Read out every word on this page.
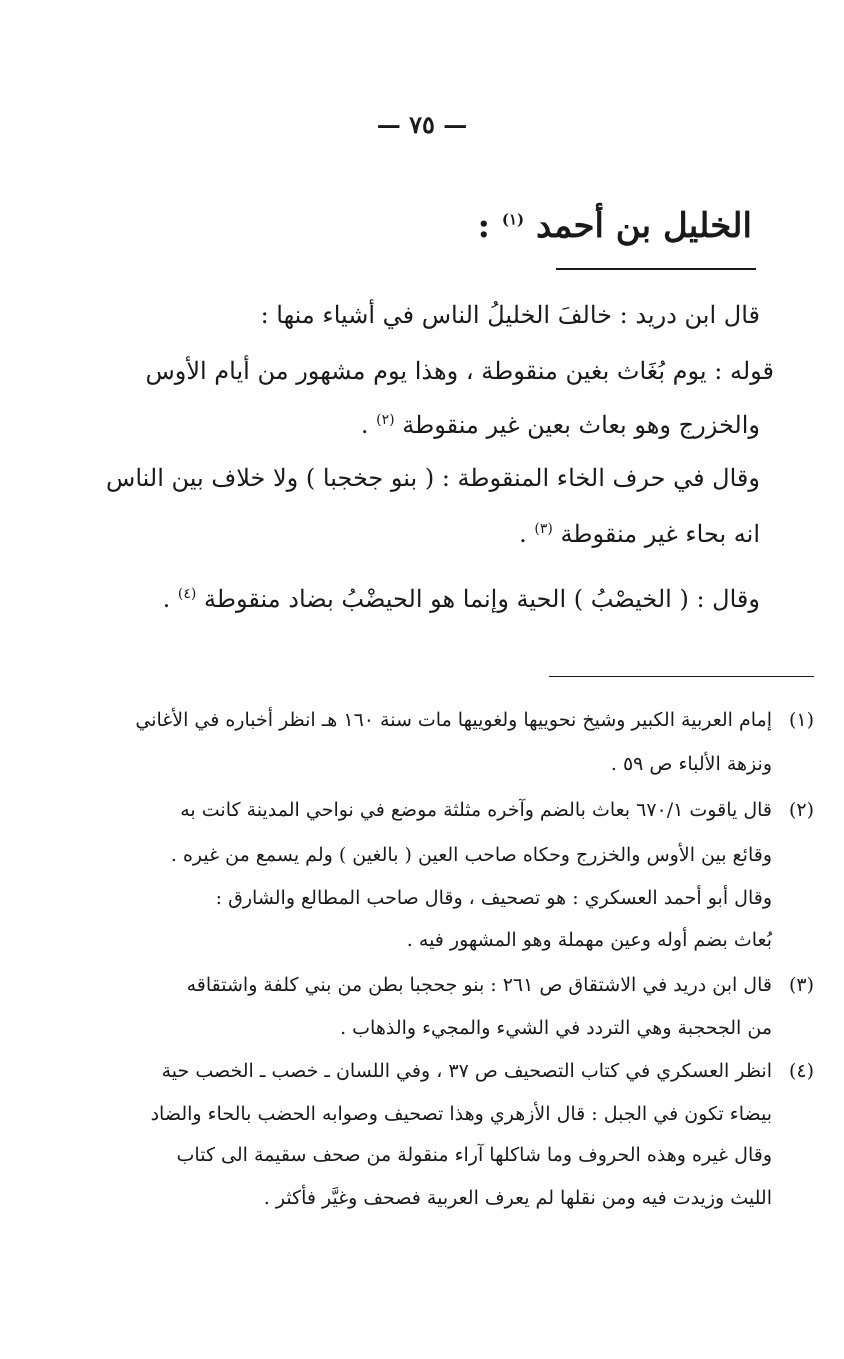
— ٧٥ —
الخليل بن أحمد $^{(١)}$ :
قال ابن دريد : خالفَ الخليلُ الناس في أشياء منها :
قوله : يوم بُغَاث بغين منقوطة ، وهذا يوم مشهور من أيام الأوس
والخزرج وهو بعاث بعين غير منقوطة $^{(٢)}$ .
وقال في حرف الخاء المنقوطة : ( بنو جخجبا ) ولا خلاف بين الناس
انه بحاء غير منقوطة $^{(٣)}$ .
وقال : ( الخيصْبُ ) الحية وإنما هو الحيضْبُ بضاد منقوطة $^{(٤)}$ .
(١)
إمام العربية الكبير وشيخ نحوييها ولغوييها مات سنة ١٦٠ هـ انظر أخباره في الأغاني
ونزهة الألباء ص ٥٩ .
(٢)
قال ياقوت ٦٧٠/١ بعاث بالضم وآخره مثلثة موضع في نواحي المدينة كانت به
وقائع بين الأوس والخزرج وحكاه صاحب العين ( بالغين ) ولم يسمع من غيره .
وقال أبو أحمد العسكري : هو تصحيف ، وقال صاحب المطالع والشارق :
بُعاث بضم أوله وعين مهملة وهو المشهور فيه .
(٣)
قال ابن دريد في الاشتقاق ص ٢٦١ : بنو جحجبا بطن من بني كلفة واشتقاقه
من الجحجبة وهي التردد في الشيء والمجيء والذهاب .
(٤)
انظر العسكري في كتاب التصحيف ص ٣٧ ، وفي اللسان ـ خصب ـ الخصب حية
بيضاء تكون في الجبل : قال الأزهري وهذا تصحيف وصوابه الحضب بالحاء والضاد
وقال غيره وهذه الحروف وما شاكلها آراء منقولة من صحف سقيمة الى كتاب
الليث وزيدت فيه ومن نقلها لم يعرف العربية فصحف وغيَّر فأكثر .
